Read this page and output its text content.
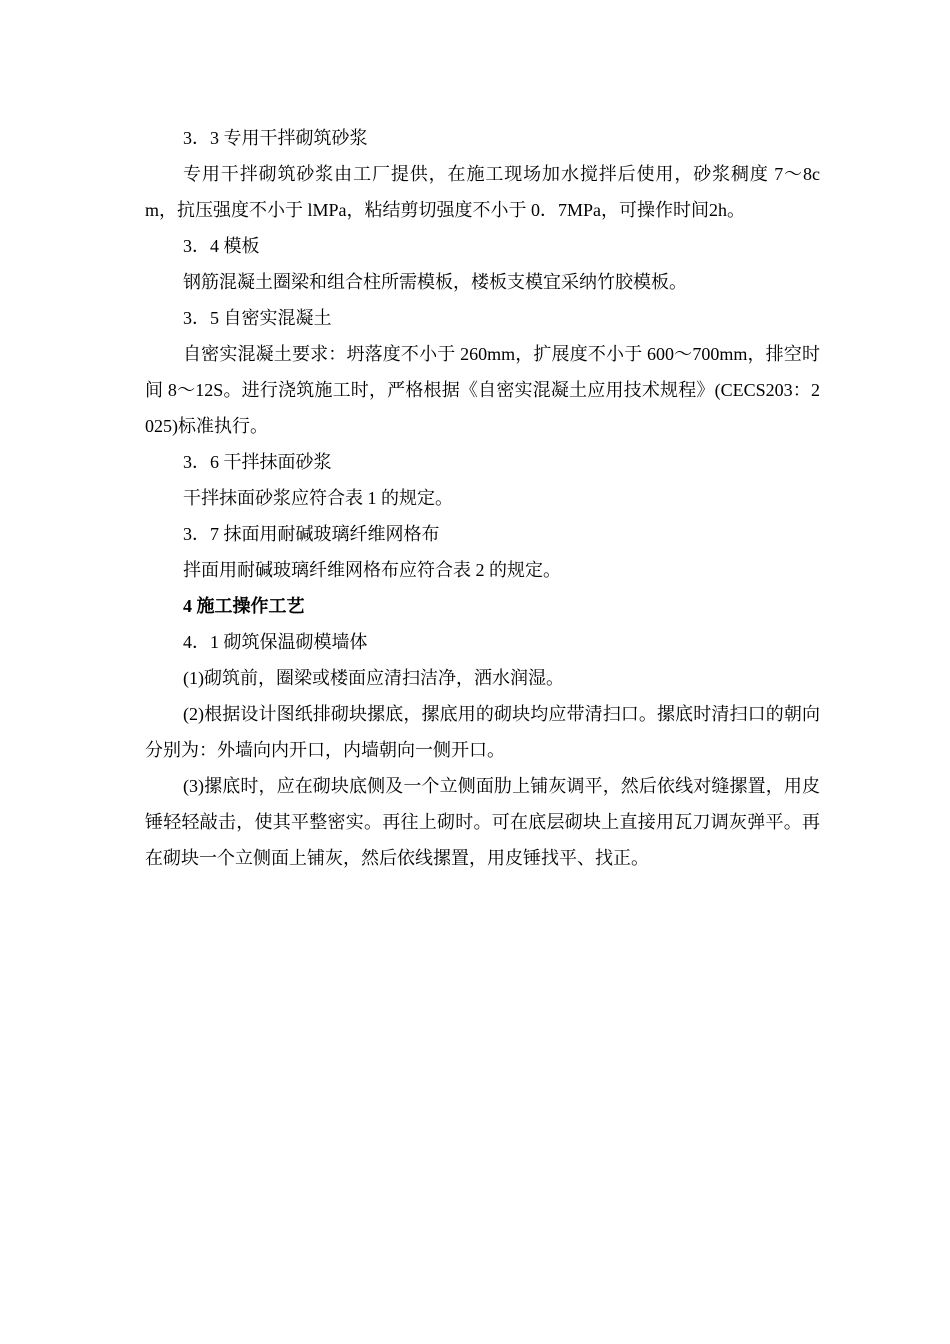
3．3 专用干拌砌筑砂浆

专用干拌砌筑砂浆由工厂提供，在施工现场加水搅拌后使用，砂浆稠度 7～8cm，抗压强度不小于 lMPa，粘结剪切强度不小于 0．7MPa，可操作时间2h。

3．4 模板

钢筋混凝土圈梁和组合柱所需模板，楼板支模宜采纳竹胶模板。

3．5 自密实混凝土

自密实混凝土要求：坍落度不小于 260mm，扩展度不小于 600～700mm，排空时间 8～12S。进行浇筑施工时，严格根据《自密实混凝土应用技术规程》(CECS203：2025)标准执行。

3．6 干拌抹面砂浆

干拌抹面砂浆应符合表 1 的规定。

3．7 抹面用耐碱玻璃纤维网格布

拌面用耐碱玻璃纤维网格布应符合表 2 的规定。

4 施工操作工艺

4．1 砌筑保温砌模墙体

(1)砌筑前，圈梁或楼面应清扫洁净，洒水润湿。

(2)根据设计图纸排砌块摞底，摞底用的砌块均应带清扫口。摞底时清扫口的朝向分别为：外墙向内开口，内墙朝向一侧开口。

(3)摞底时，应在砌块底侧及一个立侧面肋上铺灰调平，然后依线对缝摞置，用皮锤轻轻敲击，使其平整密实。再往上砌时。可在底层砌块上直接用瓦刀调灰弹平。再在砌块一个立侧面上铺灰，然后依线摞置，用皮锤找平、找正。
